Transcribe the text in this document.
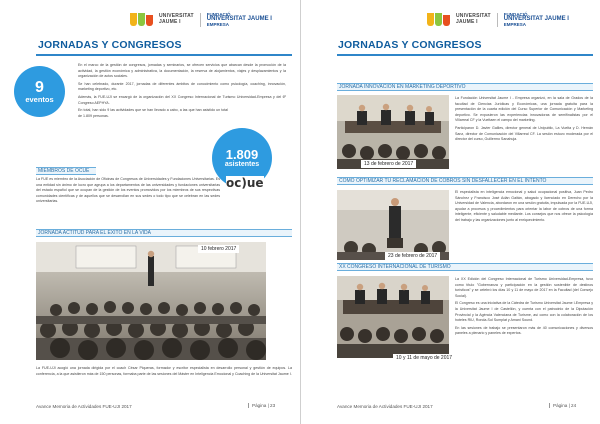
UNIVERSITAT
JAUME I
FUNDACIÓ
UNIVERSITAT JAUME I
EMPRESA
JORNADAS Y CONGRESOS
9
eventos

En el marco de la gestión de congresos, jornadas y seminarios, se ofrecen servicios que abarcan desde la promoción de la actividad, la gestión económica y administrativa, la documentación, la reserva de alojamientos, viajes y desplazamientos y la organización de actos sociales.

Se han celebrado, durante 2017, jornadas de diferentes ámbitos de conocimiento como psicología, coaching, innovación, marketing deportivo, etc.

Además, la FUE-UJI se encargó de la organización del XX Congreso Internacional de Turismo Universidad-Empresa y del 6º Congreso AEPHYA.

En total, han sido 9 las actividades que se han llevado a cabo, a las que han asistido un total de 1.809 personas.

1.809
asistentes
MIEMBROS DE OCUE
La FUE es miembro de la Asociación de Oficinas de Congresos de Universidades y Fundaciones Universitarias. Es una entidad sin ánimo de lucro que agrupa a los departamentos de las universidades y fundaciones universitarias del estado español que se ocupan de la gestión de los eventos promovidos por los miembros de sus respectivas comunidades científicas y de aquellos que se desarrollan en sus sedes o todo tipo que se celebran en las sedes universitarias.
oc)ue
JORNADA ACTITUD PARA EL ÉXITO EN LA VIDA
10 febrero 2017
La FUE-UJI acogió una jornada dirigida por el coach César Piqueras, formador y escritor especialista en desarrollo personal y gestión de equipos. La conferencia, a la que asistieron más de 150 personas, formaba parte de las sesiones del Máster en Inteligencia Emocional y Coaching de la Universitat Jaume I.
Avance Memoria de Actividades FUE-UJI 2017	Página | 23
UNIVERSITAT
JAUME I
FUNDACIÓ
UNIVERSITAT JAUME I
EMPRESA
JORNADAS Y CONGRESOS
JORNADA INNOVACIÓN EN MARKETING DEPORTIVO
13 de febrero de 2017

La Fundación Universitat Jaume I - Empresa organizó, en la sala de Grados de la facultad de Ciencias Jurídicas y Económicas, una jornada gratuita para la presentación de la cuarta edición del Curso Superior de Comunicación y Marketing deportivo. Se expusieron las experiencias innovadoras de semifinalistas por el Villarreal CF y la Vueltaen el campo del marketing.

Participaron D. Javier Galiles, director general de Unipublic, La Vuelta y D. Hernán Sanz, director de Comunicación del Villarreal CF. La sesión estuvo moderada por el director del curso, Guillermo Sanahuja.

CÓMO OPTIMIZAR TU RECLAMACIÓN DE COBROS SIN DESFALLECER EN EL INTENTO
23 de febrero de 2017
El especialista en inteligencia emocional y salud ocupacional positiva, Juan Pedro Sánchez y Francisco José Adán Gaitán, abogado y licenciado en Derecho por la Universidad de Valencia, abordaron en una sesión gratuita, impulsada por la FUE-UJI, ayudar a procesos y procedimientos para orientar la labor de cobros de una forma inteligente, eficiente y saludable mediante. Los consejos que nos ofrece la psicología del trabajo y las organizaciones junto al enriquecimiento.
XX CONGRESO INTERNACIONAL DE TURISMO
10 y 11 de mayo de 2017

La XX Edición del Congreso Internacional de Turismo Universidad-Empresa, tuvo como título "Gobernanza y participación en la gestión sostenible de destinos turísticos" y se celebró los días 10 y 11 de mayo de 2017 en la Facultad (del Consejo Social).

El Congreso es una iniciativa de la Cátedra de Turismo Universitat Jaume I-Empresa y la Universitat Jaume I de Castellón, y cuenta con el patrocinio de la Diputación Provincial y la Agència Valenciana de Turisme, así como con la colaboración de los hoteles RIU, Ronda-Sol Sumplat y Amani Sound.

En las sesiones de trabajo se presentaron más de 40 comunicaciones y diversos paneles a plenario y paneles de expertos.

Avance Memoria de Actividades FUE-UJI 2017	Página | 24
